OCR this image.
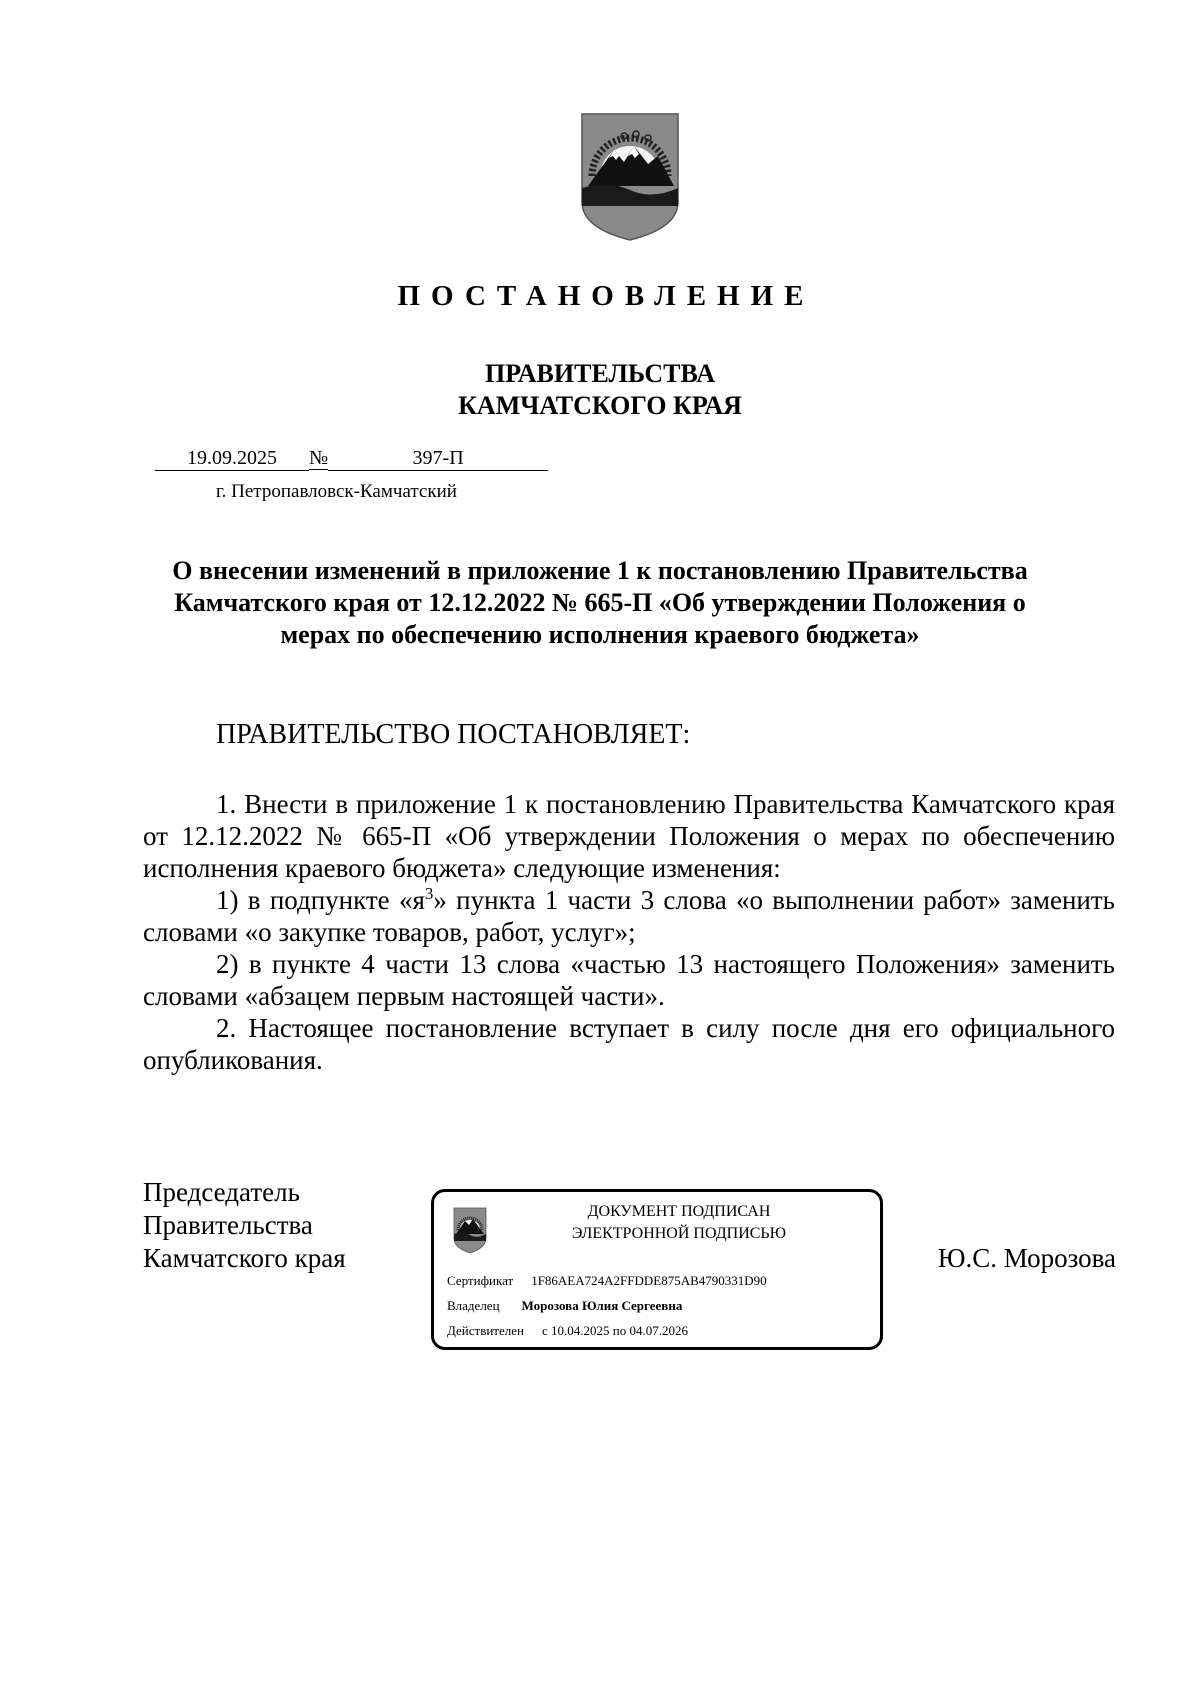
ПОСТАНОВЛЕНИЕ
ПРАВИТЕЛЬСТВА
КАМЧАТСКОГО КРАЯ
19.09.2025 №	397-П
г. Петропавловск-Камчатский
О внесении изменений в приложение 1 к постановлению Правительства
Камчатского края от 12.12.2022 № 665-П «Об утверждении Положения о
мерах по обеспечению исполнения краевого бюджета»
ПРАВИТЕЛЬСТВО ПОСТАНОВЛЯЕТ:

1. Внести в приложение 1 к постановлению Правительства Камчатского края от 12.12.2022 № 665-П «Об утверждении Положения о мерах по обеспечению исполнения краевого бюджета» следующие изменения:

1) в подпункте «$я^3$» пункта 1 части 3 слова «о выполнении работ» заменить словами «о закупке товаров, работ, услуг»;

2) в пункте 4 части 13 слова «частью 13 настоящего Положения» заменить словами «абзацем первым настоящей части».

2. Настоящее постановление вступает в силу после дня его официального опубликования.

Председатель
Правительства
Камчатского края
ДОКУМЕНТ ПОДПИСАН
ЭЛЕКТРОННОЙ ПОДПИСЬЮ
Сертификат 1F86AEA724A2FFDDE875AB4790331D90
Владелец Морозова Юлия Сергеевна
Действителен с 10.04.2025 по 04.07.2026
Ю.С. Морозова
